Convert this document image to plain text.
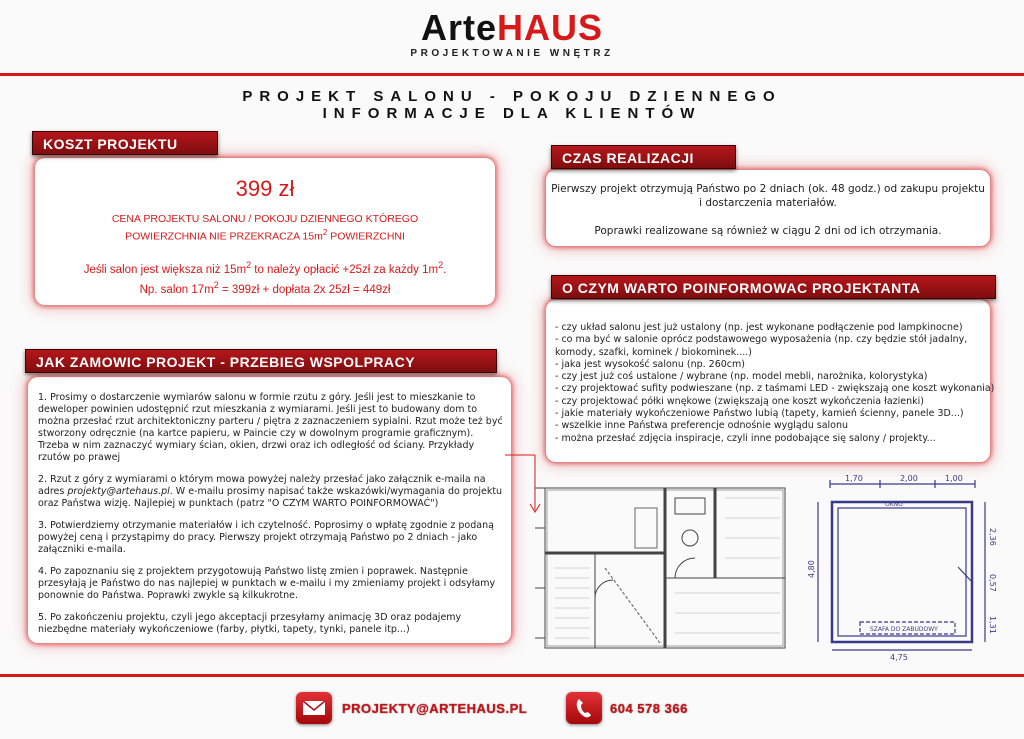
ArteHAUS
PROJEKTOWANIE WNĘTRZ
PROJEKT SALONU - POKOJU DZIENNEGO
INFORMACJE DLA KLIENTÓW
KOSZT PROJEKTU
399 zł
CENA PROJEKTU SALONU / POKOJU DZIENNEGO KTÓREGO
POWIERZCHNIA NIE PRZEKRACZA $15m^2$ POWIERZCHNI
Jeśli salon jest większa niż $15m^2$ to należy opłacić +25zł za każdy $1m^2$.
Np. salon $17m^2$ = 399zł + dopłata 2x 25zł = 449zł
CZAS REALIZACJI

Pierwszy projekt otrzymują Państwo po 2 dniach (ok. 48 godz.) od zakupu projektu i dostarczenia materiałów.

Poprawki realizowane są również w ciągu 2 dni od ich otrzymania.

O CZYM WARTO POINFORMOWAC PROJEKTANTA
- czy układ salonu jest już ustalony (np. jest wykonane podłączenie pod lampkinocne)
- co ma być w salonie oprócz podstawowego wyposażenia (np. czy będzie stół jadalny, komody, szafki, kominek / biokominek....)
- jaka jest wysokość salonu (np. 260cm)
- czy jest już coś ustalone / wybrane (np. model mebli, narożnika, kolorystyka)
- czy projektować sufity podwieszane (np. z taśmami LED - zwiększają one koszt wykonania)
- czy projektować półki wnękowe (zwiększają one koszt wykończenia łazienki)
- jakie materiały wykończeniowe Państwo lubią (tapety, kamień ścienny, panele 3D...)
- wszelkie inne Państwa preferencje odnośnie wyglądu salonu
- można przesłać zdjęcia inspiracje, czyli inne podobające się salony / projekty...
JAK ZAMOWIC PROJEKT - PRZEBIEG WSPOLPRACY

1. Prosimy o dostarczenie wymiarów salonu w formie rzutu z góry. Jeśli jest to mieszkanie to deweloper powinien udostępnić rzut mieszkania z wymiarami. Jeśli jest to budowany dom to można przesłać rzut architektoniczny parteru / piętra z zaznaczeniem sypialni. Rzut może też być stworzony odręcznie (na kartce papieru, w Paincie czy w dowolnym programie graficznym). Trzeba w nim zaznaczyć wymiary ścian, okien, drzwi oraz ich odległość od ściany. Przykłady rzutów po prawej

2. Rzut z góry z wymiarami o którym mowa powyżej należy przesłać jako załącznik e-maila na adres projekty@artehaus.pl. W e-mailu prosimy napisać także wskazówki/wymagania do projektu oraz Państwa wizję. Najlepiej w punktach (patrz "O CZYM WARTO POINFORMOWAĆ")

3. Potwierdziemy otrzymanie materiałów i ich czytelność. Poprosimy o wpłatę zgodnie z podaną powyżej ceną i przystąpimy do pracy. Pierwszy projekt otrzymają Państwo po 2 dniach - jako załączniki e-maila.

4. Po zapoznaniu się z projektem przygotowują Państwo listę zmien i poprawek. Następnie przesyłają je Państwo do nas najlepiej w punktach w e-mailu i my zmieniamy projekt i odsyłamy ponownie do Państwa. Poprawki zwykle są kilkukrotne.

5. Po zakończeniu projektu, czyli jego akceptacji przesyłamy animację 3D oraz podajemy niezbędne materiały wykończeniowe (farby, płytki, tapety, tynki, panele itp...)

1,70	2,00	1,00
OKNO
4,80
2,36
0,57
1,31
SZAFA DO ZABUDOWY
4,75
PROJEKTY@ARTEHAUS.PL	604 578 366
